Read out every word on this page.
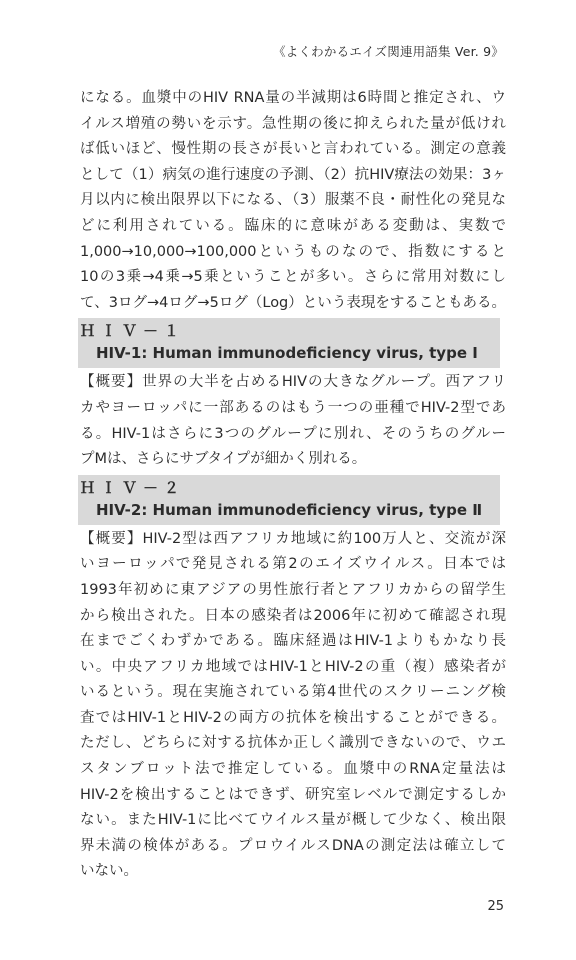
《よくわかるエイズ関連用語集 Ver. 9》
になる。血漿中のHIV RNA量の半減期は6時間と推定され、ウ
イルス増殖の勢いを示す。急性期の後に抑えられた量が低けれ
ば低いほど、慢性期の長さが長いと言われている。測定の意義
として（1）病気の進行速度の予測、（2）抗HIV療法の効果：3ヶ
月以内に検出限界以下になる、（3）服薬不良・耐性化の発見な
どに利用されている。臨床的に意味がある変動は、実数で
1,000→10,000→100,000というものなので、指数にすると
10の3乗→4乗→5乗ということが多い。さらに常用対数にし
て、3ログ→4ログ→5ログ（Log）という表現をすることもある。
ＨＩＶ－１
HIV-1: Human immunodeficiency virus, type I
【概要】世界の大半を占めるHIVの大きなグループ。西アフリ
カやヨーロッパに一部あるのはもう一つの亜種でHIV-2型であ
る。HIV-1はさらに3つのグループに別れ、そのうちのグルー
プMは、さらにサブタイプが細かく別れる。
ＨＩＶ－２
HIV-2: Human immunodeficiency virus, type Ⅱ
【概要】HIV-2型は西アフリカ地域に約100万人と、交流が深
いヨーロッパで発見される第2のエイズウイルス。日本では
1993年初めに東アジアの男性旅行者とアフリカからの留学生
から検出された。日本の感染者は2006年に初めて確認され現
在までごくわずかである。臨床経過はHIV-1よりもかなり長
い。中央アフリカ地域ではHIV-1とHIV-2の重（複）感染者が
いるという。現在実施されている第4世代のスクリーニング検
査ではHIV-1とHIV-2の両方の抗体を検出することができる。
ただし、どちらに対する抗体か正しく識別できないので、ウエ
スタンブロット法で推定している。血漿中のRNA定量法は
HIV-2を検出することはできず、研究室レベルで測定するしか
ない。またHIV-1に比べてウイルス量が概して少なく、検出限
界未満の検体がある。プロウイルスDNAの測定法は確立して
いない。
25
